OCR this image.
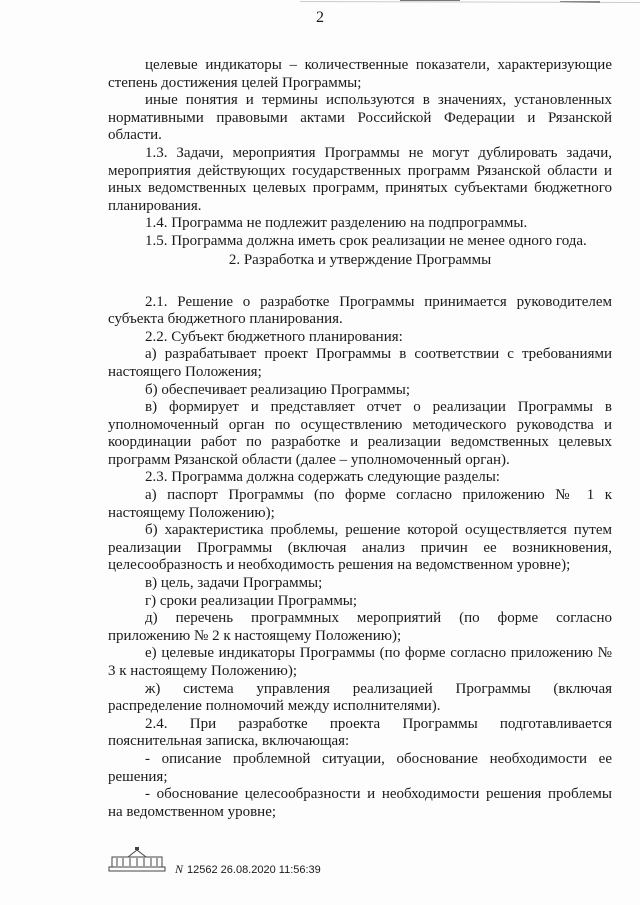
2

целевые индикаторы – количественные показатели, характеризующие степень достижения целей Программы;

иные понятия и термины используются в значениях, установленных нормативными правовыми актами Российской Федерации и Рязанской области.

1.3. Задачи, мероприятия Программы не могут дублировать задачи, мероприятия действующих государственных программ Рязанской области и иных ведомственных целевых программ, принятых субъектами бюджетного планирования.

1.4. Программа не подлежит разделению на подпрограммы.

1.5. Программа должна иметь срок реализации не менее одного года.

2. Разработка и утверждение Программы

2.1. Решение о разработке Программы принимается руководителем субъекта бюджетного планирования.

2.2. Субъект бюджетного планирования:

а) разрабатывает проект Программы в соответствии с требованиями настоящего Положения;

б) обеспечивает реализацию Программы;

в) формирует и представляет отчет о реализации Программы в уполномоченный орган по осуществлению методического руководства и координации работ по разработке и реализации ведомственных целевых программ Рязанской области (далее – уполномоченный орган).

2.3. Программа должна содержать следующие разделы:

а) паспорт Программы (по форме согласно приложению № 1 к настоящему Положению);

б) характеристика проблемы, решение которой осуществляется путем реализации Программы (включая анализ причин ее возникновения, целесообразность и необходимость решения на ведомственном уровне);

в) цель, задачи Программы;

г) сроки реализации Программы;

д) перечень программных мероприятий (по форме согласно приложению № 2 к настоящему Положению);

е) целевые индикаторы Программы (по форме согласно приложению № 3 к настоящему Положению);

ж) система управления реализацией Программы (включая распределение полномочий между исполнителями).

2.4. При разработке проекта Программы подготавливается пояснительная записка, включающая:

- описание проблемной ситуации, обоснование необходимости ее решения;

- обоснование целесообразности и необходимости решения проблемы на ведомственном уровне;

N 12562 26.08.2020 11:56:39
